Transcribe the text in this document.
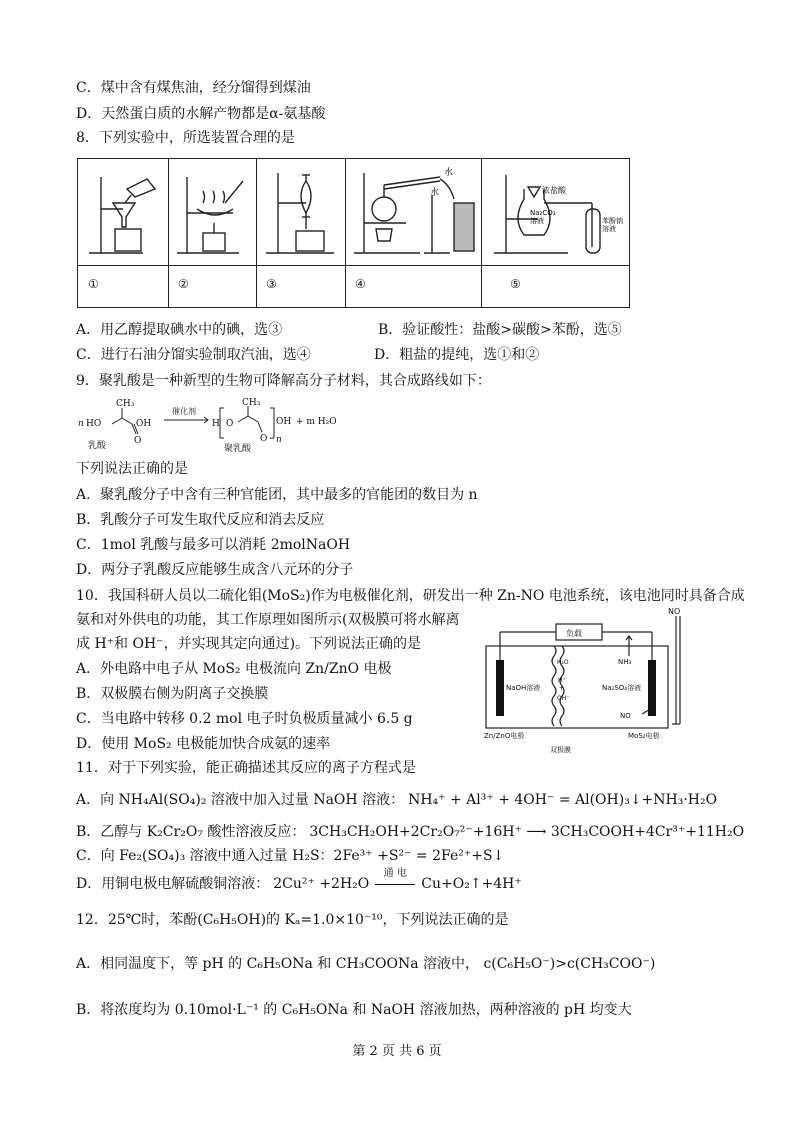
C．煤中含有煤焦油，经分馏得到煤油
D．天然蛋白质的水解产物都是α-氨基酸
8．下列实验中，所选装置合理的是
①	②	③	④	⑤
水
水	浓盐酸
Na₂CO₃
溶液	苯酚钠
溶液
A．用乙醇提取碘水中的碘，选③	B．验证酸性：盐酸>碳酸>苯酚，选⑤
C．进行石油分馏实验制取汽油，选④	D．粗盐的提纯，选①和②
9．聚乳酸是一种新型的生物可降解高分子材料，其合成路线如下：
n HO
CH₃
OH
O
乳酸
催化剂
H O
CH₃
O n
OH + m H₂O
聚乳酸
下列说法正确的是
A．聚乳酸分子中含有三种官能团，其中最多的官能团的数目为 n
B．乳酸分子可发生取代反应和消去反应
C．1mol 乳酸与最多可以消耗 2molNaOH
D．两分子乳酸反应能够生成含八元环的分子
10．我国科研人员以二硫化钼(MoS₂)作为电极催化剂，研发出一种 Zn-NO 电池系统，该电池同时具备合成
氨和对外供电的功能，其工作原理如图所示(双极膜可将水解离
成 H⁺和 OH⁻，并实现其定向通过)。下列说法正确的是
A．外电路中电子从 MoS₂ 电极流向 Zn/ZnO 电极
B．双极膜右侧为阴离子交换膜
C．当电路中转移 0.2 mol 电子时负极质量减小 6.5 g
D．使用 MoS₂ 电极能加快合成氨的速率
负载
NO
NH₃
NaOH溶液	Na₂SO₄溶液
H₂O
H⁺
+
OH⁻
NO
Zn/ZnO电极	MoS₂电极
双极膜
11．对于下列实验，能正确描述其反应的离子方程式是
A．向 NH₄Al(SO₄)₂ 溶液中加入过量 NaOH 溶液： NH₄⁺ + Al³⁺ + 4OH⁻ = Al(OH)₃↓+NH₃·H₂O
B．乙醇与 K₂Cr₂O₇ 酸性溶液反应： 3CH₃CH₂OH+2Cr₂O₇²⁻+16H⁺ ⟶ 3CH₃COOH+4Cr³⁺+11H₂O
C．向 Fe₂(SO₄)₃ 溶液中通入过量 H₂S：2Fe³⁺ +S²⁻ = 2Fe²⁺+S↓
D．用铜电极电解硫酸铜溶液： 2Cu²⁺ +2H₂O
通 电
Cu+O₂↑+4H⁺
12．25℃时，苯酚(C₆H₅OH)的 Kₐ=1.0×10⁻¹⁰，下列说法正确的是
A．相同温度下，等 pH 的 C₆H₅ONa 和 CH₃COONa 溶液中， c(C₆H₅O⁻)>c(CH₃COO⁻)
B．将浓度均为 0.10mol·L⁻¹ 的 C₆H₅ONa 和 NaOH 溶液加热，两种溶液的 pH 均变大
第 2 页 共 6 页
